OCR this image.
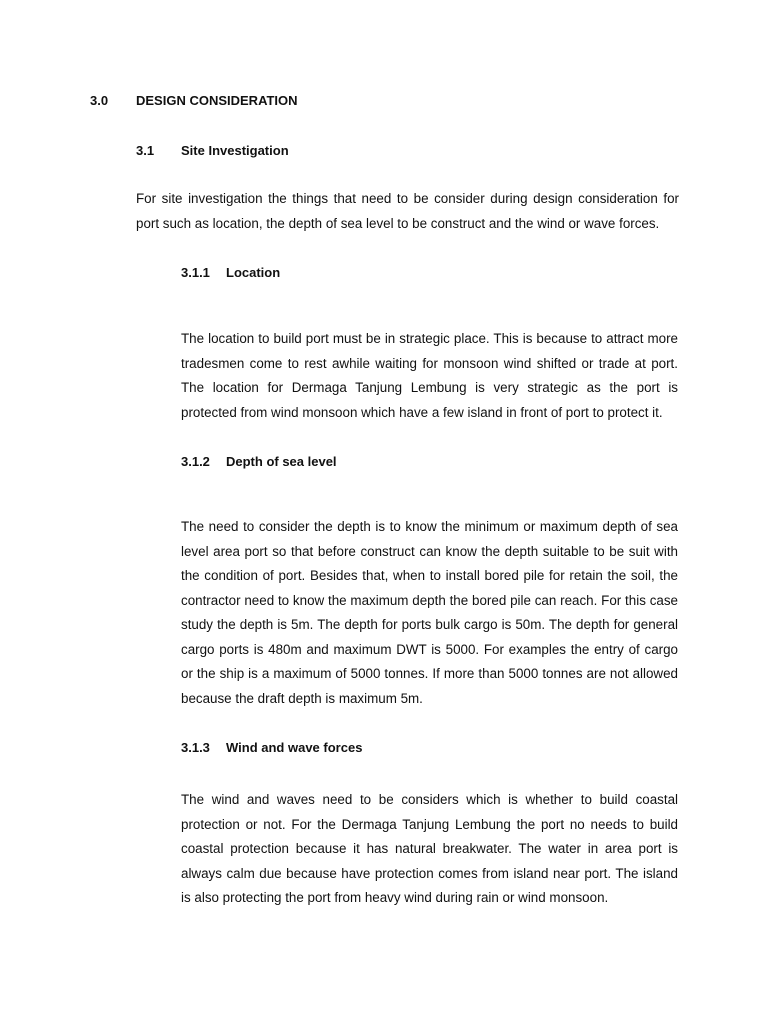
3.0 DESIGN CONSIDERATION
3.1 Site Investigation

For site investigation the things that need to be consider during design consideration for port such as location, the depth of sea level to be construct and the wind or wave forces.

3.1.1 Location

The location to build port must be in strategic place. This is because to attract more tradesmen come to rest awhile waiting for monsoon wind shifted or trade at port. The location for Dermaga Tanjung Lembung is very strategic as the port is protected from wind monsoon which have a few island in front of port to protect it.

3.1.2 Depth of sea level

The need to consider the depth is to know the minimum or maximum depth of sea level area port so that before construct can know the depth suitable to be suit with the condition of port. Besides that, when to install bored pile for retain the soil, the contractor need to know the maximum depth the bored pile can reach. For this case study the depth is 5m. The depth for ports bulk cargo is 50m. The depth for general cargo ports is 480m and maximum DWT is 5000. For examples the entry of cargo or the ship is a maximum of 5000 tonnes. If more than 5000 tonnes are not allowed because the draft depth is maximum 5m.

3.1.3 Wind and wave forces

The wind and waves need to be considers which is whether to build coastal protection or not. For the Dermaga Tanjung Lembung the port no needs to build coastal protection because it has natural breakwater. The water in area port is always calm due because have protection comes from island near port. The island is also protecting the port from heavy wind during rain or wind monsoon.
